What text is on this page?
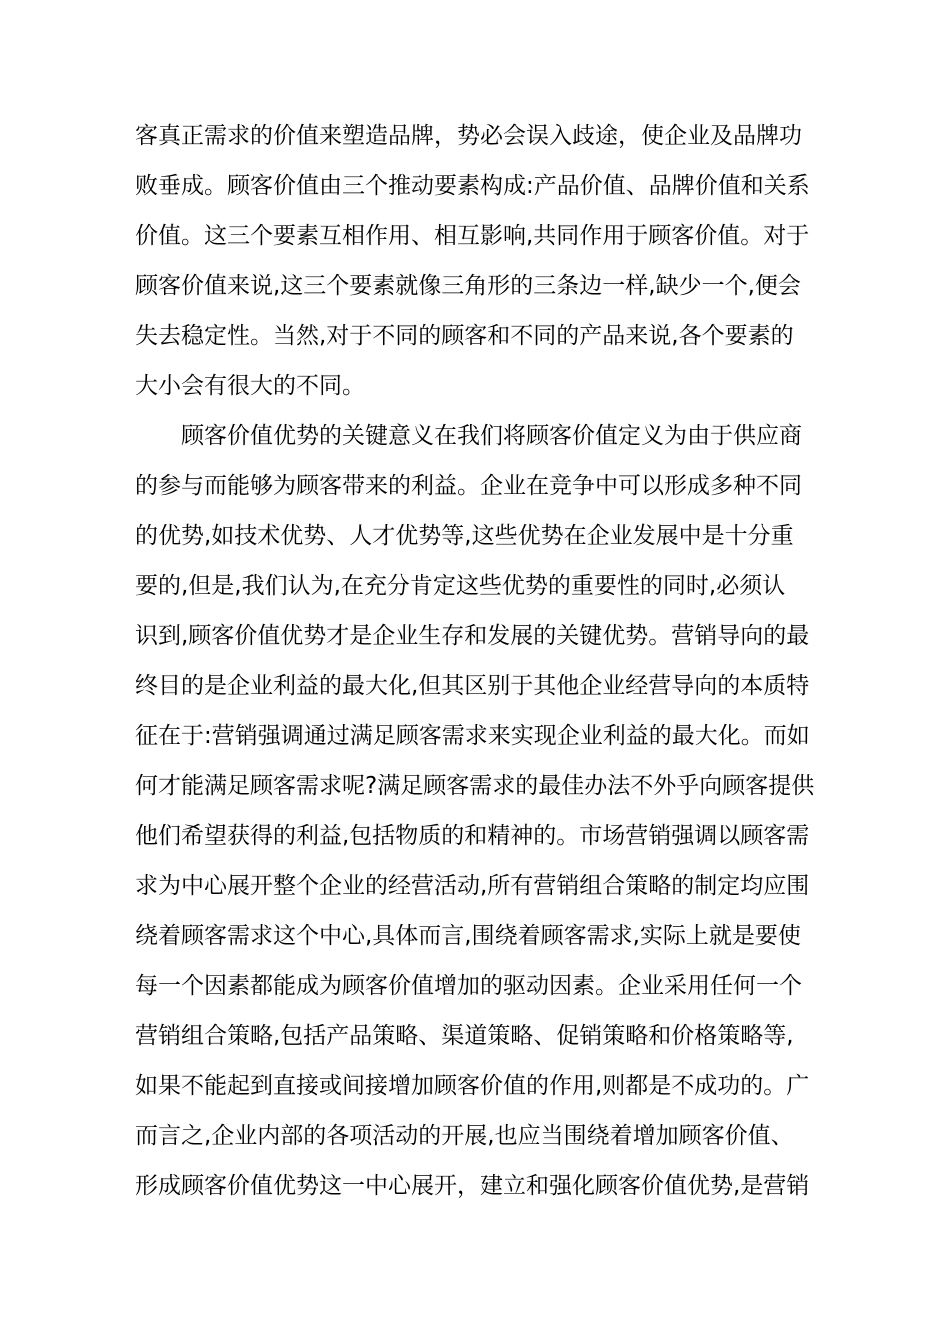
客真正需求的价值来塑造品牌，势必会误入歧途，使企业及品牌功
败垂成。顾客价值由三个推动要素构成:产品价值、品牌价值和关系
价值。这三个要素互相作用、相互影响,共同作用于顾客价值。对于
顾客价值来说,这三个要素就像三角形的三条边一样,缺少一个,便会
失去稳定性。当然,对于不同的顾客和不同的产品来说,各个要素的
大小会有很大的不同。
顾客价值优势的关键意义在我们将顾客价值定义为由于供应商
的参与而能够为顾客带来的利益。企业在竞争中可以形成多种不同
的优势,如技术优势、人才优势等,这些优势在企业发展中是十分重
要的,但是,我们认为,在充分肯定这些优势的重要性的同时,必须认
识到,顾客价值优势才是企业生存和发展的关键优势。营销导向的最
终目的是企业利益的最大化,但其区别于其他企业经营导向的本质特
征在于:营销强调通过满足顾客需求来实现企业利益的最大化。而如
何才能满足顾客需求呢?满足顾客需求的最佳办法不外乎向顾客提供
他们希望获得的利益,包括物质的和精神的。市场营销强调以顾客需
求为中心展开整个企业的经营活动,所有营销组合策略的制定均应围
绕着顾客需求这个中心,具体而言,围绕着顾客需求,实际上就是要使
每一个因素都能成为顾客价值增加的驱动因素。企业采用任何一个
营销组合策略,包括产品策略、渠道策略、促销策略和价格策略等,
如果不能起到直接或间接增加顾客价值的作用,则都是不成功的。广
而言之,企业内部的各项活动的开展,也应当围绕着增加顾客价值、
形成顾客价值优势这一中心展开，建立和强化顾客价值优势,是营销
